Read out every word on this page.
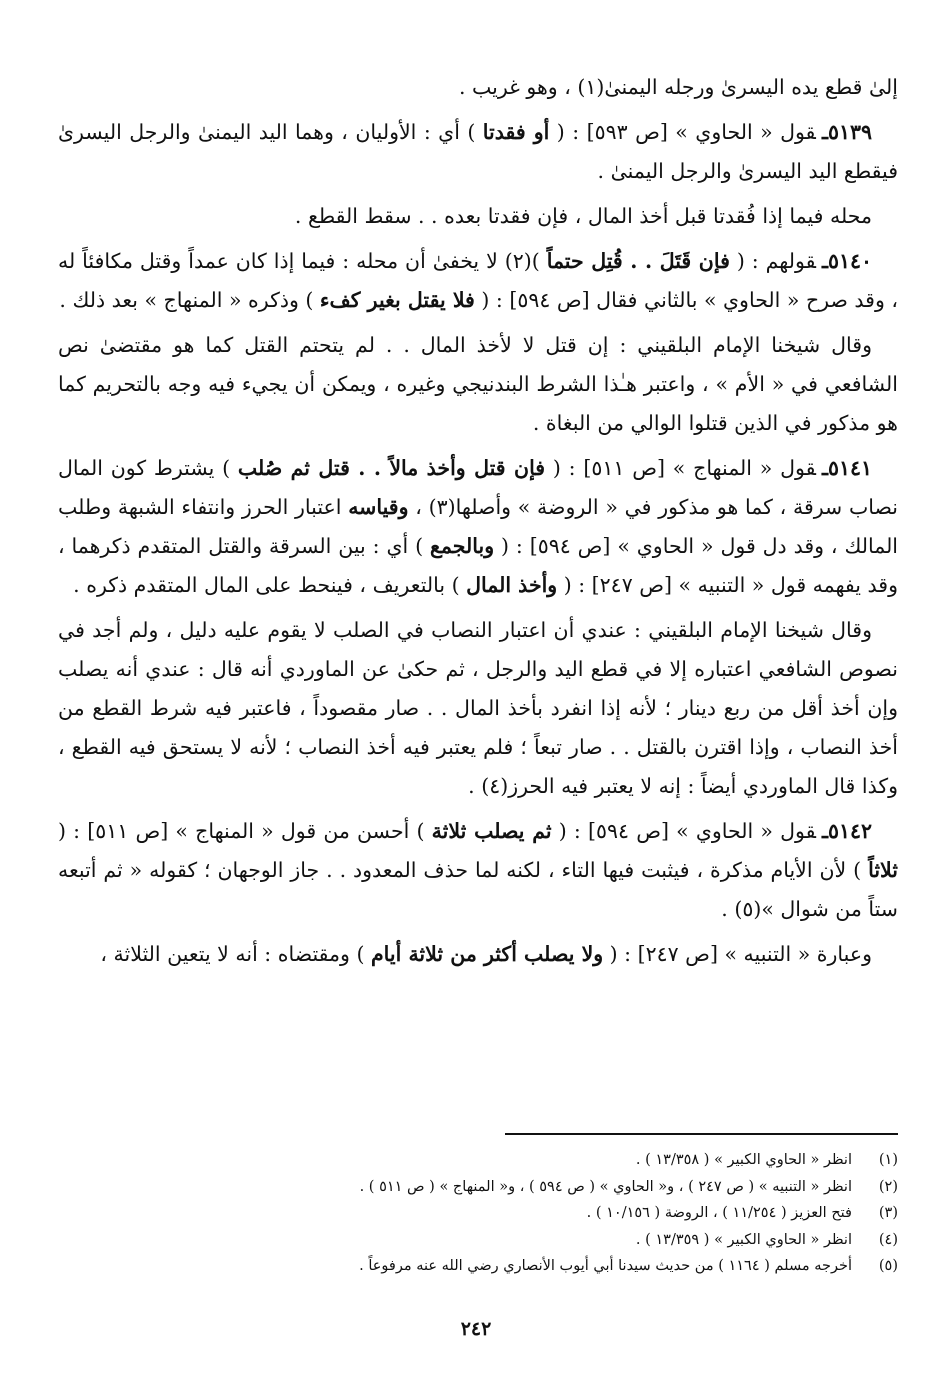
إلىٰ قطع يده اليسرىٰ ورجله اليمنىٰ(١) ، وهو غريب .

٥١٣٩ـقول « الحاوي » [ص ٥٩٣] : ( أو فقدتا ) أي : الأوليان ، وهما اليد اليمنىٰ والرجل اليسرىٰ فيقطع اليد اليسرىٰ والرجل اليمنىٰ .

محله فيما إذا فُقدتا قبل أخذ المال ، فإن فقدتا بعده . . سقط القطع .

٥١٤٠ـقولهم : ( فإن قَتَلَ . . قُتِل حتماً )(٢) لا يخفىٰ أن محله : فيما إذا كان عمداً وقتل مكافئاً له ، وقد صرح « الحاوي » بالثاني فقال [ص ٥٩٤] : ( فلا يقتل بغير كفء ) وذكره « المنهاج » بعد ذلك .

وقال شيخنا الإمام البلقيني : إن قتل لا لأخذ المال . . لم يتحتم القتل كما هو مقتضىٰ نص الشافعي في « الأم » ، واعتبر هـٰذا الشرط البندنيجي وغيره ، ويمكن أن يجيء فيه وجه بالتحريم كما هو مذكور في الذين قتلوا الوالي من البغاة .

٥١٤١ـقول « المنهاج » [ص ٥١١] : ( فإن قتل وأخذ مالاً . . قتل ثم صُلب ) يشترط كون المال نصاب سرقة ، كما هو مذكور في « الروضة » وأصلها(٣) ، وقياسه اعتبار الحرز وانتفاء الشبهة وطلب المالك ، وقد دل قول « الحاوي » [ص ٥٩٤] : ( وبالجمع ) أي : بين السرقة والقتل المتقدم ذكرهما ، وقد يفهمه قول « التنبيه » [ص ٢٤٧] : ( وأخذ المال ) بالتعريف ، فينحط على المال المتقدم ذكره .

وقال شيخنا الإمام البلقيني : عندي أن اعتبار النصاب في الصلب لا يقوم عليه دليل ، ولم أجد في نصوص الشافعي اعتباره إلا في قطع اليد والرجل ، ثم حكىٰ عن الماوردي أنه قال : عندي أنه يصلب وإن أخذ أقل من ربع دينار ؛ لأنه إذا انفرد بأخذ المال . . صار مقصوداً ، فاعتبر فيه شرط القطع من أخذ النصاب ، وإذا اقترن بالقتل . . صار تبعاً ؛ فلم يعتبر فيه أخذ النصاب ؛ لأنه لا يستحق فيه القطع ، وكذا قال الماوردي أيضاً : إنه لا يعتبر فيه الحرز(٤) .

٥١٤٢ـقول « الحاوي » [ص ٥٩٤] : ( ثم يصلب ثلاثة ) أحسن من قول « المنهاج » [ص ٥١١] : ( ثلاثاً ) لأن الأيام مذكرة ، فيثبت فيها التاء ، لكنه لما حذف المعدود . . جاز الوجهان ؛ كقوله « ثم أتبعه ستاً من شوال »(٥) .

وعبارة « التنبيه » [ص ٢٤٧] : ( ولا يصلب أكثر من ثلاثة أيام ) ومقتضاه : أنه لا يتعين الثلاثة ،

(١)
انظر « الحاوي الكبير » ( ١٣/٣٥٨ ) .
(٢)
انظر « التنبيه » ( ص ٢٤٧ ) ، و« الحاوي » ( ص ٥٩٤ ) ، و« المنهاج » ( ص ٥١١ ) .
(٣)
فتح العزيز ( ١١/٢٥٤ ) ، الروضة ( ١٠/١٥٦ ) .
(٤)
انظر « الحاوي الكبير » ( ١٣/٣٥٩ ) .
(٥)
أخرجه مسلم ( ١١٦٤ ) من حديث سيدنا أبي أيوب الأنصاري رضي الله عنه مرفوعاً .
٢٤٢
